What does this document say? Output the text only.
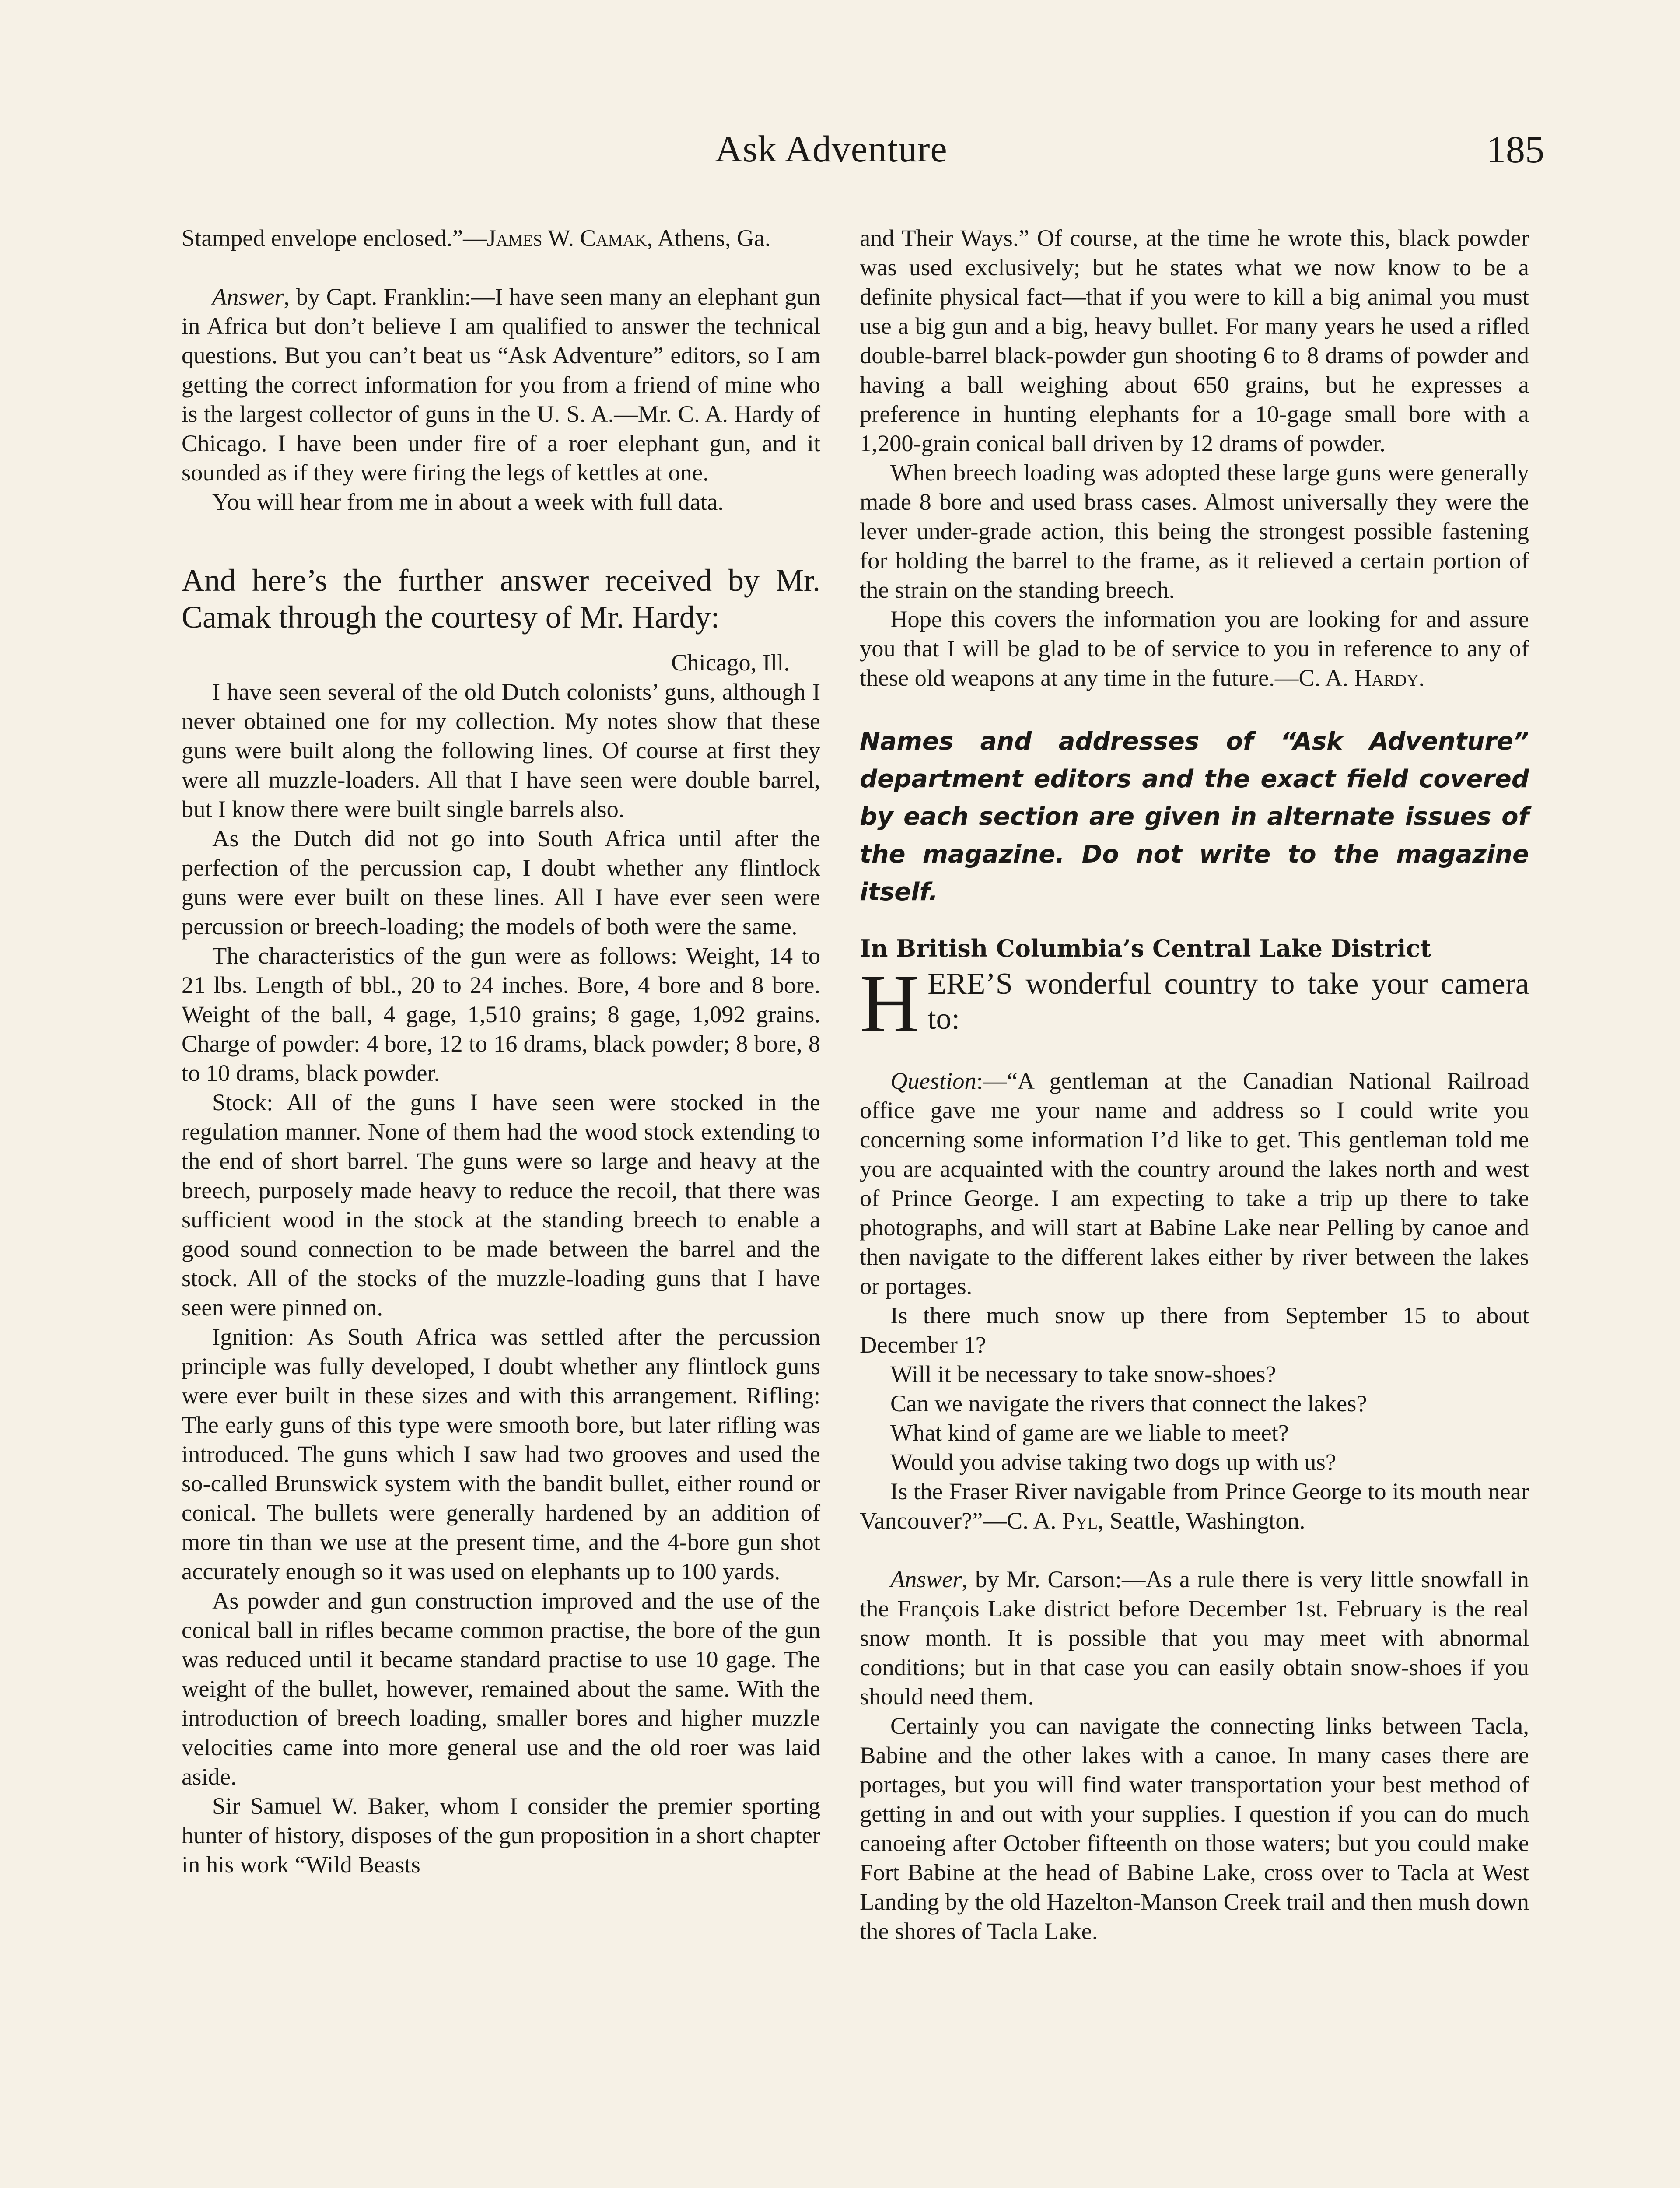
Ask Adventure	185

Stamped envelope enclosed.”—James W. Camak, Athens, Ga.

Answer, by Capt. Franklin:—I have seen many an elephant gun in Africa but don’t believe I am qualified to answer the technical questions. But you can’t beat us “Ask Adventure” editors, so I am getting the correct information for you from a friend of mine who is the largest collector of guns in the U. S. A.—Mr. C. A. Hardy of Chicago. I have been under fire of a roer elephant gun, and it sounded as if they were firing the legs of kettles at one.

You will hear from me in about a week with full data.

And here’s the further answer received by Mr. Camak through the courtesy of Mr. Hardy:

Chicago, Ill.

I have seen several of the old Dutch colonists’ guns, although I never obtained one for my collection. My notes show that these guns were built along the following lines. Of course at first they were all muzzle-loaders. All that I have seen were double barrel, but I know there were built single barrels also.

As the Dutch did not go into South Africa until after the perfection of the percussion cap, I doubt whether any flintlock guns were ever built on these lines. All I have ever seen were percussion or breech-loading; the models of both were the same.

The characteristics of the gun were as follows: Weight, 14 to 21 lbs. Length of bbl., 20 to 24 inches. Bore, 4 bore and 8 bore. Weight of the ball, 4 gage, 1,510 grains; 8 gage, 1,092 grains. Charge of powder: 4 bore, 12 to 16 drams, black powder; 8 bore, 8 to 10 drams, black powder.

Stock: All of the guns I have seen were stocked in the regulation manner. None of them had the wood stock extending to the end of short barrel. The guns were so large and heavy at the breech, purposely made heavy to reduce the recoil, that there was sufficient wood in the stock at the standing breech to enable a good sound connection to be made between the barrel and the stock. All of the stocks of the muzzle-loading guns that I have seen were pinned on.

Ignition: As South Africa was settled after the percussion principle was fully developed, I doubt whether any flintlock guns were ever built in these sizes and with this arrangement. Rifling: The early guns of this type were smooth bore, but later rifling was introduced. The guns which I saw had two grooves and used the so-called Brunswick system with the bandit bullet, either round or conical. The bullets were generally hardened by an addition of more tin than we use at the present time, and the 4-bore gun shot accurately enough so it was used on elephants up to 100 yards.

As powder and gun construction improved and the use of the conical ball in rifles became common practise, the bore of the gun was reduced until it became standard practise to use 10 gage. The weight of the bullet, however, remained about the same. With the introduction of breech loading, smaller bores and higher muzzle velocities came into more general use and the old roer was laid aside.

Sir Samuel W. Baker, whom I consider the premier sporting hunter of history, disposes of the gun proposition in a short chapter in his work “Wild Beasts

and Their Ways.” Of course, at the time he wrote this, black powder was used exclusively; but he states what we now know to be a definite physical fact—that if you were to kill a big animal you must use a big gun and a big, heavy bullet. For many years he used a rifled double-barrel black-powder gun shooting 6 to 8 drams of powder and having a ball weighing about 650 grains, but he expresses a preference in hunting elephants for a 10-gage small bore with a 1,200-grain conical ball driven by 12 drams of powder.

When breech loading was adopted these large guns were generally made 8 bore and used brass cases. Almost universally they were the lever under-grade action, this being the strongest possible fastening for holding the barrel to the frame, as it relieved a certain portion of the strain on the standing breech.

Hope this covers the information you are looking for and assure you that I will be glad to be of service to you in reference to any of these old weapons at any time in the future.—C. A. Hardy.

Names and addresses of “Ask Adventure” department editors and the exact field covered by each section are given in alternate issues of the magazine. Do not write to the magazine itself.

In British Columbia’s Central Lake District

HERE’S wonderful country to take your camera to:

Question:—“A gentleman at the Canadian National Railroad office gave me your name and address so I could write you concerning some information I’d like to get. This gentleman told me you are acquainted with the country around the lakes north and west of Prince George. I am expecting to take a trip up there to take photographs, and will start at Babine Lake near Pelling by canoe and then navigate to the different lakes either by river between the lakes or portages.

Is there much snow up there from September 15 to about December 1?

Will it be necessary to take snow-shoes?

Can we navigate the rivers that connect the lakes?

What kind of game are we liable to meet?

Would you advise taking two dogs up with us?

Is the Fraser River navigable from Prince George to its mouth near Vancouver?”—C. A. Pyl, Seattle, Washington.

Answer, by Mr. Carson:—As a rule there is very little snowfall in the François Lake district before December 1st. February is the real snow month. It is possible that you may meet with abnormal conditions; but in that case you can easily obtain snow-shoes if you should need them.

Certainly you can navigate the connecting links between Tacla, Babine and the other lakes with a canoe. In many cases there are portages, but you will find water transportation your best method of getting in and out with your supplies. I question if you can do much canoeing after October fifteenth on those waters; but you could make Fort Babine at the head of Babine Lake, cross over to Tacla at West Landing by the old Hazelton-Manson Creek trail and then mush down the shores of Tacla Lake.
